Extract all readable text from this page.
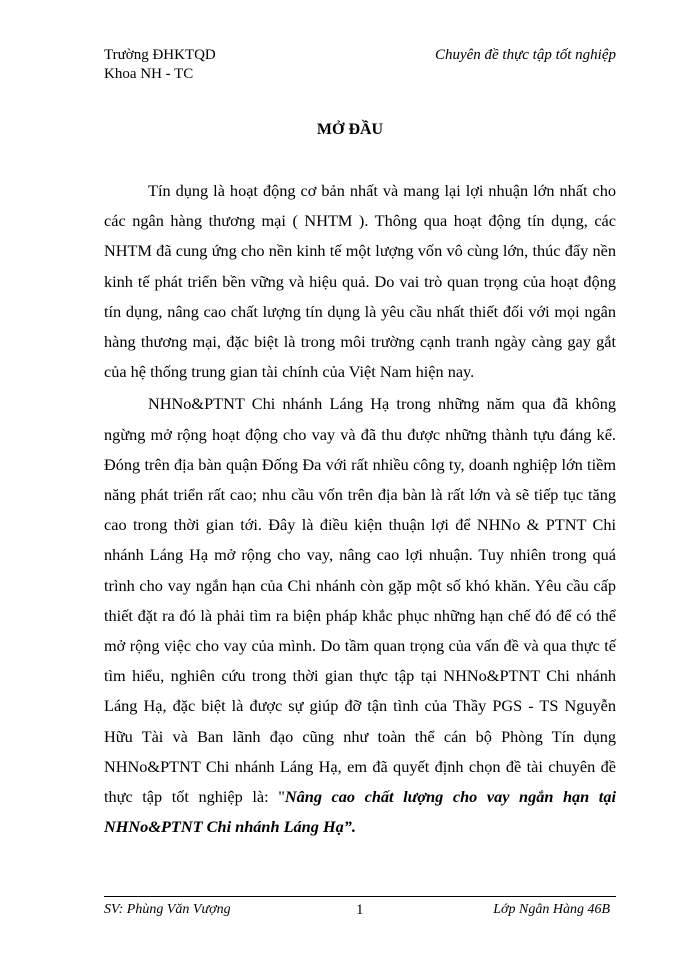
Trường ĐHKTQD
Khoa NH - TC
Chuyên đề thực tập tốt nghiệp
MỞ ĐẦU

Tín dụng là hoạt động cơ bản nhất và mang lại lợi nhuận lớn nhất cho các ngân hàng thương mại ( NHTM ). Thông qua hoạt động tín dụng, các NHTM đã cung ứng cho nền kinh tế một lượng vốn vô cùng lớn, thúc đẩy nền kinh tế phát triển bền vững và hiệu quả. Do vai trò quan trọng của hoạt động tín dụng, nâng cao chất lượng tín dụng là yêu cầu nhất thiết đối với mọi ngân hàng thương mại, đặc biệt là trong môi trường cạnh tranh ngày càng gay gắt của hệ thống trung gian tài chính của Việt Nam hiện nay.

NHNo&PTNT Chi nhánh Láng Hạ trong những năm qua đã không ngừng mở rộng hoạt động cho vay và đã thu được những thành tựu đáng kể. Đóng trên địa bàn quận Đống Đa với rất nhiều công ty, doanh nghiệp lớn tiềm năng phát triển rất cao; nhu cầu vốn trên địa bàn là rất lớn và sẽ tiếp tục tăng cao trong thời gian tới. Đây là điều kiện thuận lợi để NHNo & PTNT Chi nhánh Láng Hạ mở rộng cho vay, nâng cao lợi nhuận. Tuy nhiên trong quá trình cho vay ngắn hạn của Chi nhánh còn gặp một số khó khăn. Yêu cầu cấp thiết đặt ra đó là phải tìm ra biện pháp khắc phục những hạn chế đó để có thể mở rộng việc cho vay của mình. Do tầm quan trọng của vấn đề và qua thực tế tìm hiểu, nghiên cứu trong thời gian thực tập tại NHNo&PTNT Chi nhánh Láng Hạ, đặc biệt là được sự giúp đỡ tận tình của Thầy PGS - TS Nguyễn Hữu Tài và Ban lãnh đạo cũng như toàn thể cán bộ Phòng Tín dụng NHNo&PTNT Chi nhánh Láng Hạ, em đã quyết định chọn đề tài chuyên đề thực tập tốt nghiệp là: "Nâng cao chất lượng cho vay ngắn hạn tại NHNo&PTNT Chi nhánh Láng Hạ”.

SV: Phùng Văn Vượng	1	Lớp Ngân Hàng 46B
